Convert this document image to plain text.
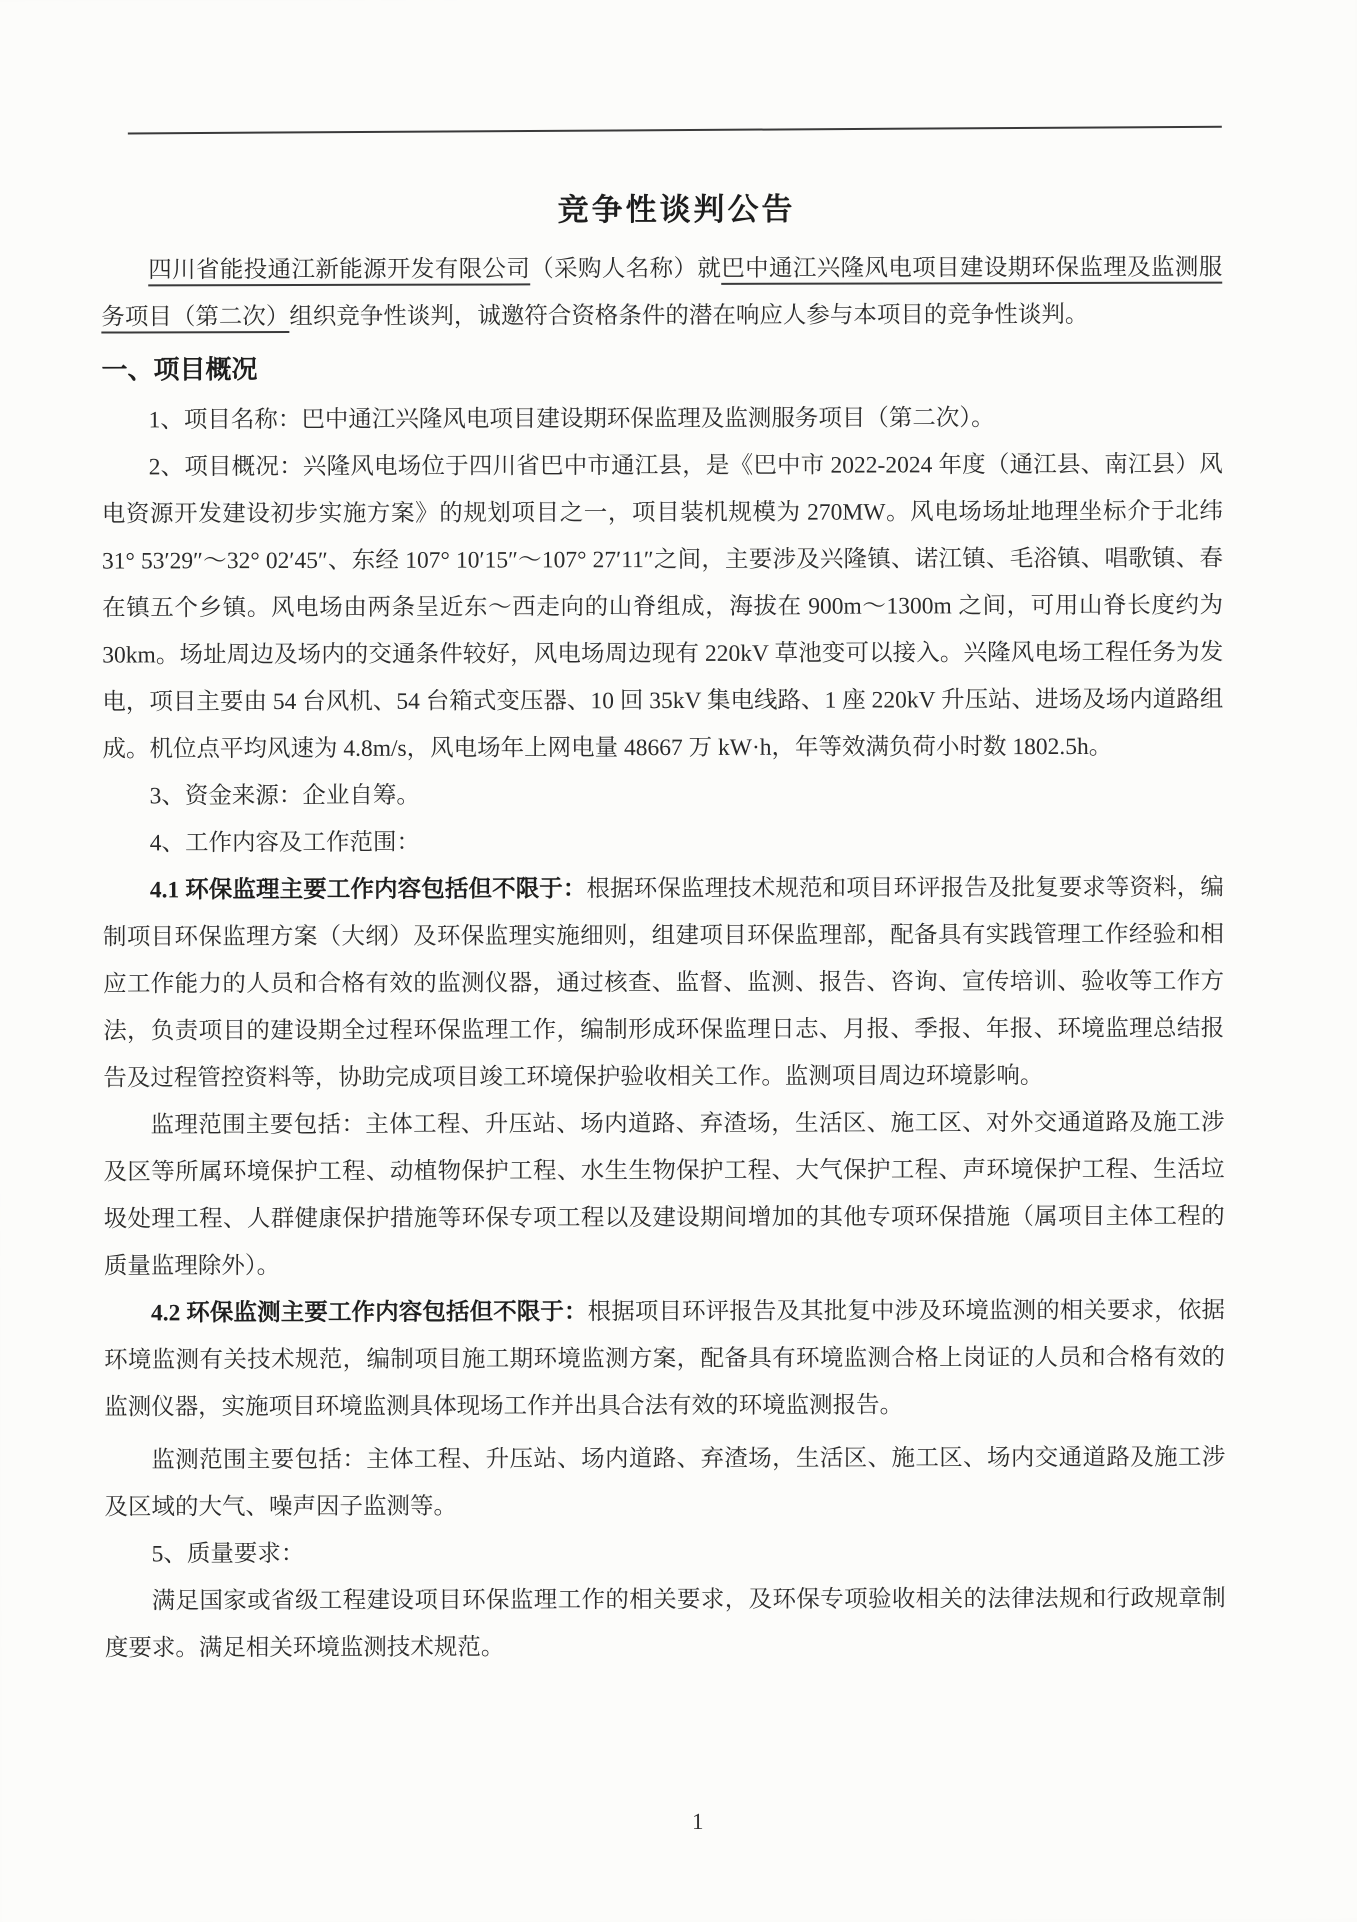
竞争性谈判公告

四川省能投通江新能源开发有限公司（采购人名称）就巴中通江兴隆风电项目建设期环保监理及监测服务项目（第二次）组织竞争性谈判，诚邀符合资格条件的潜在响应人参与本项目的竞争性谈判。

一、项目概况

1、项目名称：巴中通江兴隆风电项目建设期环保监理及监测服务项目（第二次）。

2、项目概况：兴隆风电场位于四川省巴中市通江县，是《巴中市 2022-2024 年度（通江县、南江县）风电资源开发建设初步实施方案》的规划项目之一，项目装机规模为 270MW。风电场场址地理坐标介于北纬 31° 53′29″～32° 02′45″、东经 107° 10′15″～107° 27′11″之间，主要涉及兴隆镇、诺江镇、毛浴镇、唱歌镇、春在镇五个乡镇。风电场由两条呈近东～西走向的山脊组成，海拔在 900m～1300m 之间，可用山脊长度约为 30km。场址周边及场内的交通条件较好，风电场周边现有 220kV 草池变可以接入。兴隆风电场工程任务为发电，项目主要由 54 台风机、54 台箱式变压器、10 回 35kV 集电线路、1 座 220kV 升压站、进场及场内道路组成。机位点平均风速为 4.8m/s，风电场年上网电量 48667 万 kW·h，年等效满负荷小时数 1802.5h。

3、资金来源：企业自筹。

4、工作内容及工作范围：

4.1 环保监理主要工作内容包括但不限于：根据环保监理技术规范和项目环评报告及批复要求等资料，编制项目环保监理方案（大纲）及环保监理实施细则，组建项目环保监理部，配备具有实践管理工作经验和相应工作能力的人员和合格有效的监测仪器，通过核查、监督、监测、报告、咨询、宣传培训、验收等工作方法，负责项目的建设期全过程环保监理工作，编制形成环保监理日志、月报、季报、年报、环境监理总结报告及过程管控资料等，协助完成项目竣工环境保护验收相关工作。监测项目周边环境影响。

监理范围主要包括：主体工程、升压站、场内道路、弃渣场，生活区、施工区、对外交通道路及施工涉及区等所属环境保护工程、动植物保护工程、水生生物保护工程、大气保护工程、声环境保护工程、生活垃圾处理工程、人群健康保护措施等环保专项工程以及建设期间增加的其他专项环保措施（属项目主体工程的质量监理除外）。

4.2 环保监测主要工作内容包括但不限于：根据项目环评报告及其批复中涉及环境监测的相关要求，依据环境监测有关技术规范，编制项目施工期环境监测方案，配备具有环境监测合格上岗证的人员和合格有效的监测仪器，实施项目环境监测具体现场工作并出具合法有效的环境监测报告。

监测范围主要包括：主体工程、升压站、场内道路、弃渣场，生活区、施工区、场内交通道路及施工涉及区域的大气、噪声因子监测等。

5、质量要求：

满足国家或省级工程建设项目环保监理工作的相关要求，及环保专项验收相关的法律法规和行政规章制度要求。满足相关环境监测技术规范。

1
